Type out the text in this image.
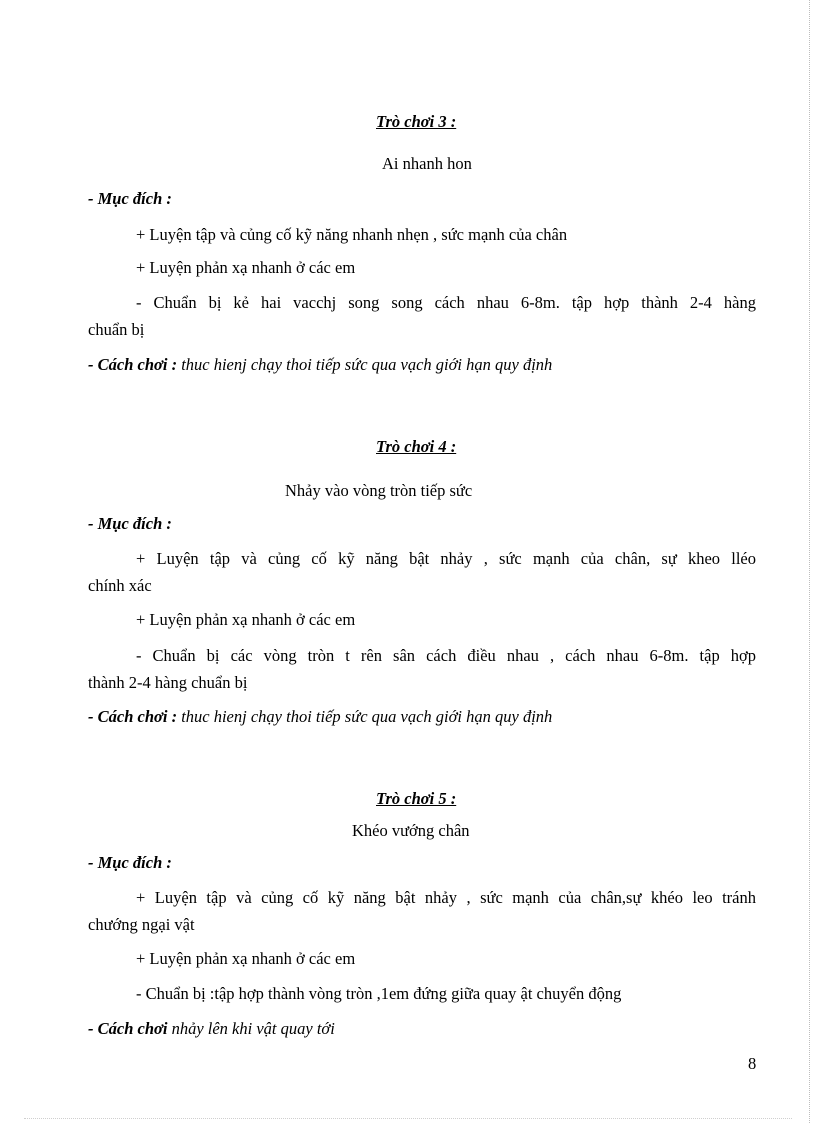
Trò chơi 3 :
Ai nhanh hon
- Mục đích :
+ Luyện tập và củng cố kỹ năng nhanh nhẹn , sức mạnh của chân
+ Luyện phản xạ nhanh ở các em
- Chuẩn bị kẻ hai vacchj song song cách nhau 6-8m. tập hợp thành 2-4 hàng
chuẩn bị
- Cách chơi : thuc hienj chạy thoi tiếp sức qua vạch giới hạn quy định
Trò chơi 4 :
Nhảy vào vòng tròn tiếp sức
- Mục đích :
+ Luyện tập và củng cố kỹ năng bật nhảy , sức mạnh của chân, sự kheo lléo
chính xác
+ Luyện phản xạ nhanh ở các em
- Chuẩn bị các vòng tròn t rên sân cách điều nhau , cách nhau 6-8m. tập hợp
thành 2-4 hàng chuẩn bị
- Cách chơi : thuc hienj chạy thoi tiếp sức qua vạch giới hạn quy định
Trò chơi 5 :
Khéo vướng chân
- Mục đích :
+ Luyện tập và củng cố kỹ năng bật nhảy , sức mạnh của chân,sự khéo leo tránh
chướng ngại vật
+ Luyện phản xạ nhanh ở các em
- Chuẩn bị :tập hợp thành vòng tròn ,1em đứng giữa quay ật chuyển động
- Cách chơi nhảy lên khi vật quay tới
8
